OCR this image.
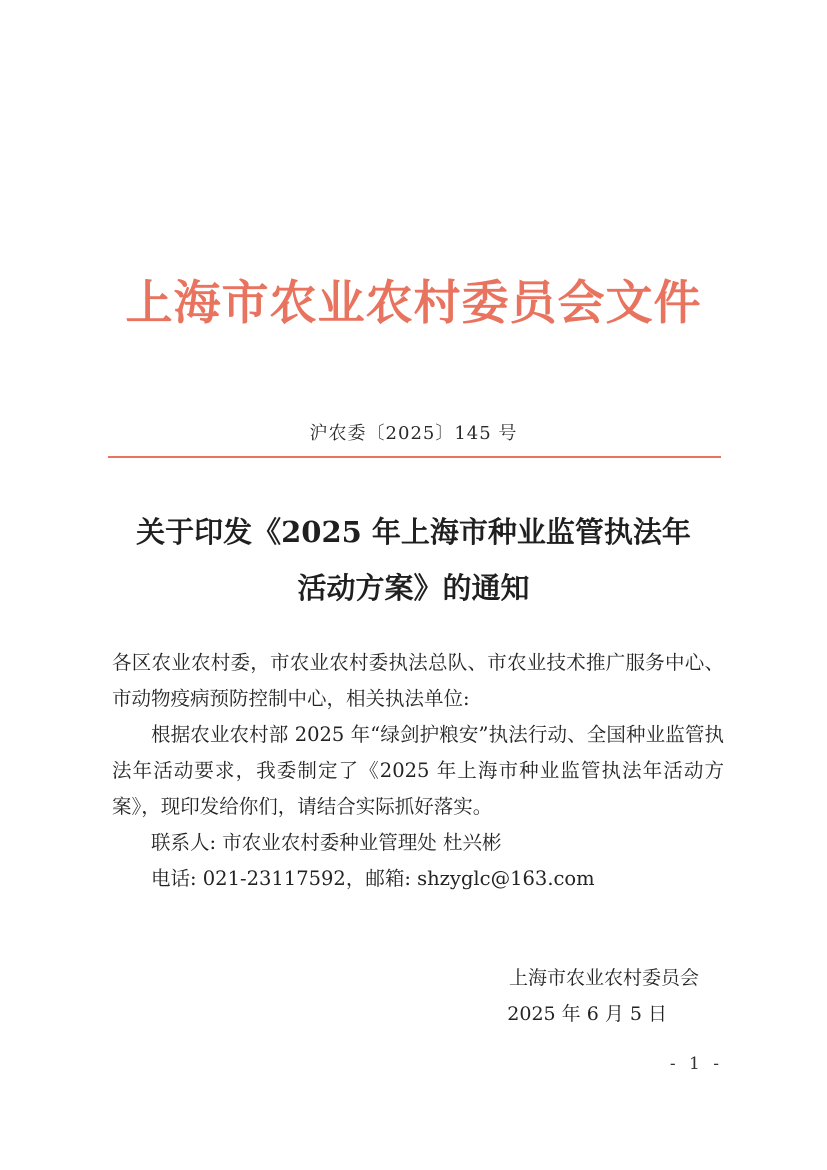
上海市农业农村委员会文件
沪农委〔2025〕145 号
关于印发《2025 年上海市种业监管执法年
活动方案》的通知

各区农业农村委，市农业农村委执法总队、市农业技术推广服务中心、市动物疫病预防控制中心，相关执法单位:

根据农业农村部 2025 年“绿剑护粮安”执法行动、全国种业监管执法年活动要求，我委制定了《2025 年上海市种业监管执法年活动方案》，现印发给你们，请结合实际抓好落实。

联系人: 市农业农村委种业管理处 杜兴彬

电话: 021-23117592，邮箱: shzyglc@163.com

上海市农业农村委员会
2025 年 6 月 5 日
- 1 -
